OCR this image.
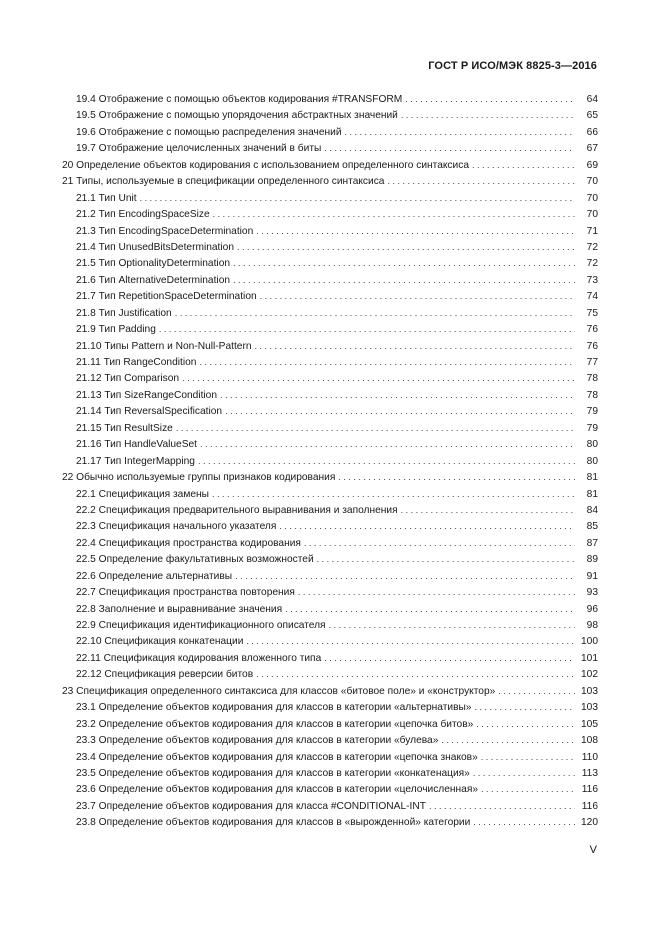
ГОСТ Р ИСО/МЭК 8825-3—2016
19.4 Отображение с помощью объектов кодирования #TRANSFORM . . .	64
19.5 Отображение с помощью упорядочения абстрактных значений . . .	65
19.6 Отображение с помощью распределения значений . . .	66
19.7 Отображение целочисленных значений в биты . . .	67
20 Определение объектов кодирования с использованием определенного синтаксиса . . .	69
21 Типы, используемые в спецификации определенного синтаксиса . . .	70
21.1 Тип Unit . . .	70
21.2 Тип EncodingSpaceSize . . .	70
21.3 Тип EncodingSpaceDetermination . . .	71
21.4 Тип UnusedBitsDetermination . . .	72
21.5 Тип OptionalityDetermination . . .	72
21.6 Тип AlternativeDetermination . . .	73
21.7 Тип RepetitionSpaceDetermination . . .	74
21.8 Тип Justification . . .	75
21.9 Тип Padding . . .	76
21.10 Типы Pattern и Non-Null-Pattern . . .	76
21.11 Тип RangeCondition . . .	77
21.12 Тип Comparison . . .	78
21.13 Тип SizeRangeCondition . . .	78
21.14 Тип ReversalSpecification . . .	79
21.15 Тип ResultSize . . .	79
21.16 Тип HandleValueSet . . .	80
21.17 Тип IntegerMapping . . .	80
22 Обычно используемые группы признаков кодирования . . .	81
22.1 Спецификация замены . . .	81
22.2 Спецификация предварительного выравнивания и заполнения . . .	84
22.3 Спецификация начального указателя . . .	85
22.4 Спецификация пространства кодирования . . .	87
22.5 Определение факультативных возможностей . . .	89
22.6 Определение альтернативы . . .	91
22.7 Спецификация пространства повторения . . .	93
22.8 Заполнение и выравнивание значения . . .	96
22.9 Спецификация идентификационного описателя . . .	98
22.10 Спецификация конкатенации . . .	100
22.11 Спецификация кодирования вложенного типа . . .	101
22.12 Спецификация реверсии битов . . .	102
23 Спецификация определенного синтаксиса для классов «битовое поле» и «конструктор» . . .	103
23.1 Определение объектов кодирования для классов в категории «альтернативы» . . .	103
23.2 Определение объектов кодирования для классов в категории «цепочка битов» . . .	105
23.3 Определение объектов кодирования для классов в категории «булева» . . .	108
23.4 Определение объектов кодирования для классов в категории «цепочка знаков» . . .	110
23.5 Определение объектов кодирования для классов в категории «конкатенация» . . .	113
23.6 Определение объектов кодирования для классов в категории «целочисленная» . . .	116
23.7 Определение объектов кодирования для класса #CONDITIONAL-INT . . .	116
23.8 Определение объектов кодирования для классов в «вырожденной» категории . . .	120
V
